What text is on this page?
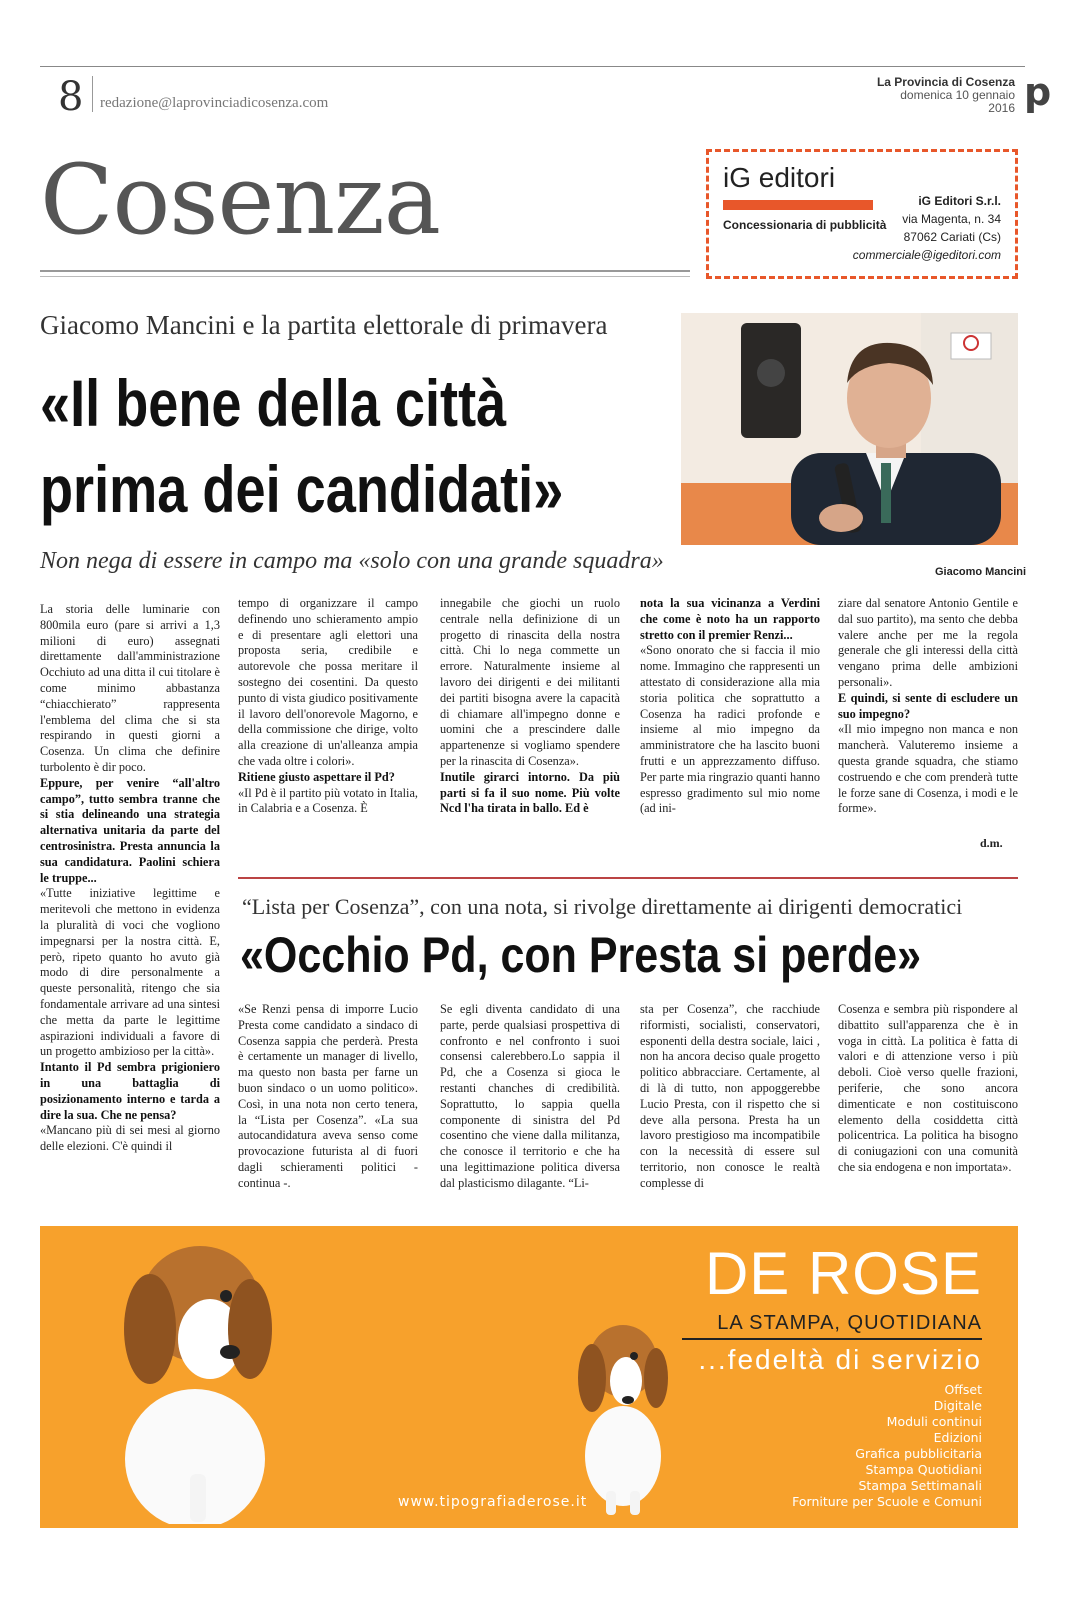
8 redazione@laprovinciadicosenza.com
La Provincia di Cosenza
domenica 10 gennaio
2016 p
Cosenza	iG editori
Concessionaria di pubblicità
iG Editori S.r.l.
via Magenta, n. 34
87062 Cariati (Cs)
commerciale@igeditori.com
Giacomo Mancini e la partita elettorale di primavera
«Il bene della città
prima dei candidati»
Non nega di essere in campo ma «solo con una grande squadra»	Giacomo Mancini

La storia delle luminarie con 800mila euro (pare si arrivi a 1,3 milioni di euro) assegnati direttamente dall'amministrazione Occhiuto ad una ditta il cui titolare è come minimo abbastanza “chiacchierato” rappresenta l'emblema del clima che si sta respirando in questi giorni a Cosenza. Un clima che definire turbolento è dir poco.

Eppure, per venire “all'altro campo”, tutto sembra tranne che si stia delineando una strategia alternativa unitaria da parte del centrosinistra. Presta annuncia la sua candidatura. Paolini schiera le truppe...

«Tutte iniziative legittime e meritevoli che mettono in evidenza la pluralità di voci che vogliono impegnarsi per la nostra città. E, però, ripeto quanto ho avuto già modo di dire personalmente a queste personalità, ritengo che sia fondamentale arrivare ad una sintesi che metta da parte le legittime aspirazioni individuali a favore di un progetto ambizioso per la città».

Intanto il Pd sembra prigioniero in una battaglia di posizionamento interno e tarda a dire la sua. Che ne pensa?

«Mancano più di sei mesi al giorno delle elezioni. C'è quindi il

tempo di organizzare il campo definendo uno schieramento ampio e di presentare agli elettori una proposta seria, credibile e autorevole che possa meritare il sostegno dei cosentini. Da questo punto di vista giudico positivamente il lavoro dell'onorevole Magorno, e della commissione che dirige, volto alla creazione di un'alleanza ampia che vada oltre i colori».

Ritiene giusto aspettare il Pd?

«Il Pd è il partito più votato in Italia, in Calabria e a Cosenza. È

innegabile che giochi un ruolo centrale nella definizione di un progetto di rinascita della nostra città. Chi lo nega commette un errore. Naturalmente insieme al lavoro dei dirigenti e dei militanti dei partiti bisogna avere la capacità di chiamare all'impegno donne e uomini che a prescindere dalle appartenenze si vogliamo spendere per la rinascita di Cosenza».

Inutile girarci intorno. Da più parti si fa il suo nome. Più volte Ncd l'ha tirata in ballo. Ed è

nota la sua vicinanza a Verdini che come è noto ha un rapporto stretto con il premier Renzi...

«Sono onorato che si faccia il mio nome. Immagino che rappresenti un attestato di considerazione alla mia storia politica che soprattutto a Cosenza ha radici profonde e insieme al mio impegno da amministratore che ha lascito buoni frutti e un apprezzamento diffuso. Per parte mia ringrazio quanti hanno espresso gradimento sul mio nome (ad ini-

ziare dal senatore Antonio Gentile e dal suo partito), ma sento che debba valere anche per me la regola generale che gli interessi della città vengano prima delle ambizioni personali».

E quindi, si sente di escludere un suo impegno?

«Il mio impegno non manca e non mancherà. Valuteremo insieme a questa grande squadra, che stiamo costruendo e che com prenderà tutte le forze sane di Cosenza, i modi e le forme».

d.m.
“Lista per Cosenza”, con una nota, si rivolge direttamente ai dirigenti democratici
«Occhio Pd, con Presta si perde»
«Se Renzi pensa di imporre Lucio Presta come candidato a sindaco di Cosenza sappia che perderà. Presta è certamente un manager di livello, ma questo non basta per farne un buon sindaco o un uomo politico». Così, in una nota non certo tenera, la “Lista per Cosenza”. «La sua autocandidatura aveva senso come provocazione futurista al di fuori dagli schieramenti politici - continua -.
Se egli diventa candidato di una parte, perde qualsiasi prospettiva di confronto e nel confronto i suoi consensi calerebbero.Lo sappia il Pd, che a Cosenza si gioca le restanti chanches di credibilità. Soprattutto, lo sappia quella componente di sinistra del Pd cosentino che viene dalla militanza, che conosce il territorio e che ha una legittimazione politica diversa dal plasticismo dilagante. “Li-
sta per Cosenza”, che racchiude riformisti, socialisti, conservatori, esponenti della destra sociale, laici , non ha ancora deciso quale progetto politico abbracciare. Certamente, al di là di tutto, non appoggerebbe Lucio Presta, con il rispetto che si deve alla persona. Presta ha un lavoro prestigioso ma incompatibile con la necessità di essere sul territorio, non conosce le realtà complesse di
Cosenza e sembra più rispondere al dibattito sull'apparenza che è in voga in città. La politica è fatta di valori e di attenzione verso i più deboli. Cioè verso quelle frazioni, periferie, che sono ancora dimenticate e non costituiscono elemento della cosiddetta città policentrica. La politica ha bisogno di coniugazioni con una comunità che sia endogena e non importata».
DE ROSE
LA STAMPA, QUOTIDIANA
...fedeltà di servizio
Offset
Digitale
Moduli continui
Edizioni
Grafica pubblicitaria
Stampa Quotidiani
Stampa Settimanali
Forniture per Scuole e Comuni
www.tipografiaderose.it
